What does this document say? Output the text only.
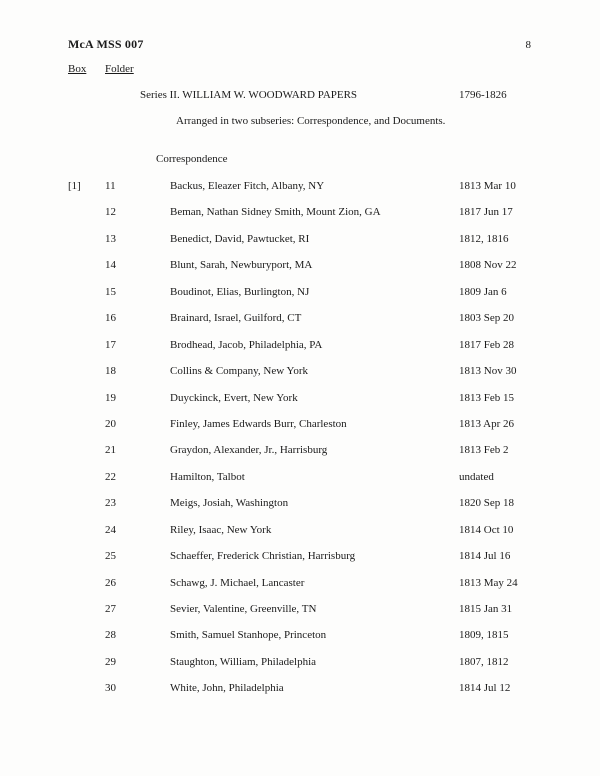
McA MSS 007	8
Box	Folder
Series II. WILLIAM W. WOODWARD PAPERS	1796-1826
Arranged in two subseries: Correspondence, and Documents.
Correspondence
[1]	11	Backus, Eleazer Fitch, Albany, NY	1813 Mar 10
12	Beman, Nathan Sidney Smith, Mount Zion, GA	1817 Jun 17
13	Benedict, David, Pawtucket, RI	1812, 1816
14	Blunt, Sarah, Newburyport, MA	1808 Nov 22
15	Boudinot, Elias, Burlington, NJ	1809 Jan 6
16	Brainard, Israel, Guilford, CT	1803 Sep 20
17	Brodhead, Jacob, Philadelphia, PA	1817 Feb 28
18	Collins & Company, New York	1813 Nov 30
19	Duyckinck, Evert, New York	1813 Feb 15
20	Finley, James Edwards Burr, Charleston	1813 Apr 26
21	Graydon, Alexander, Jr., Harrisburg	1813 Feb 2
22	Hamilton, Talbot	undated
23	Meigs, Josiah, Washington	1820 Sep 18
24	Riley, Isaac, New York	1814 Oct 10
25	Schaeffer, Frederick Christian, Harrisburg	1814 Jul 16
26	Schawg, J. Michael, Lancaster	1813 May 24
27	Sevier, Valentine, Greenville, TN	1815 Jan 31
28	Smith, Samuel Stanhope, Princeton	1809, 1815
29	Staughton, William, Philadelphia	1807, 1812
30	White, John, Philadelphia	1814 Jul 12
